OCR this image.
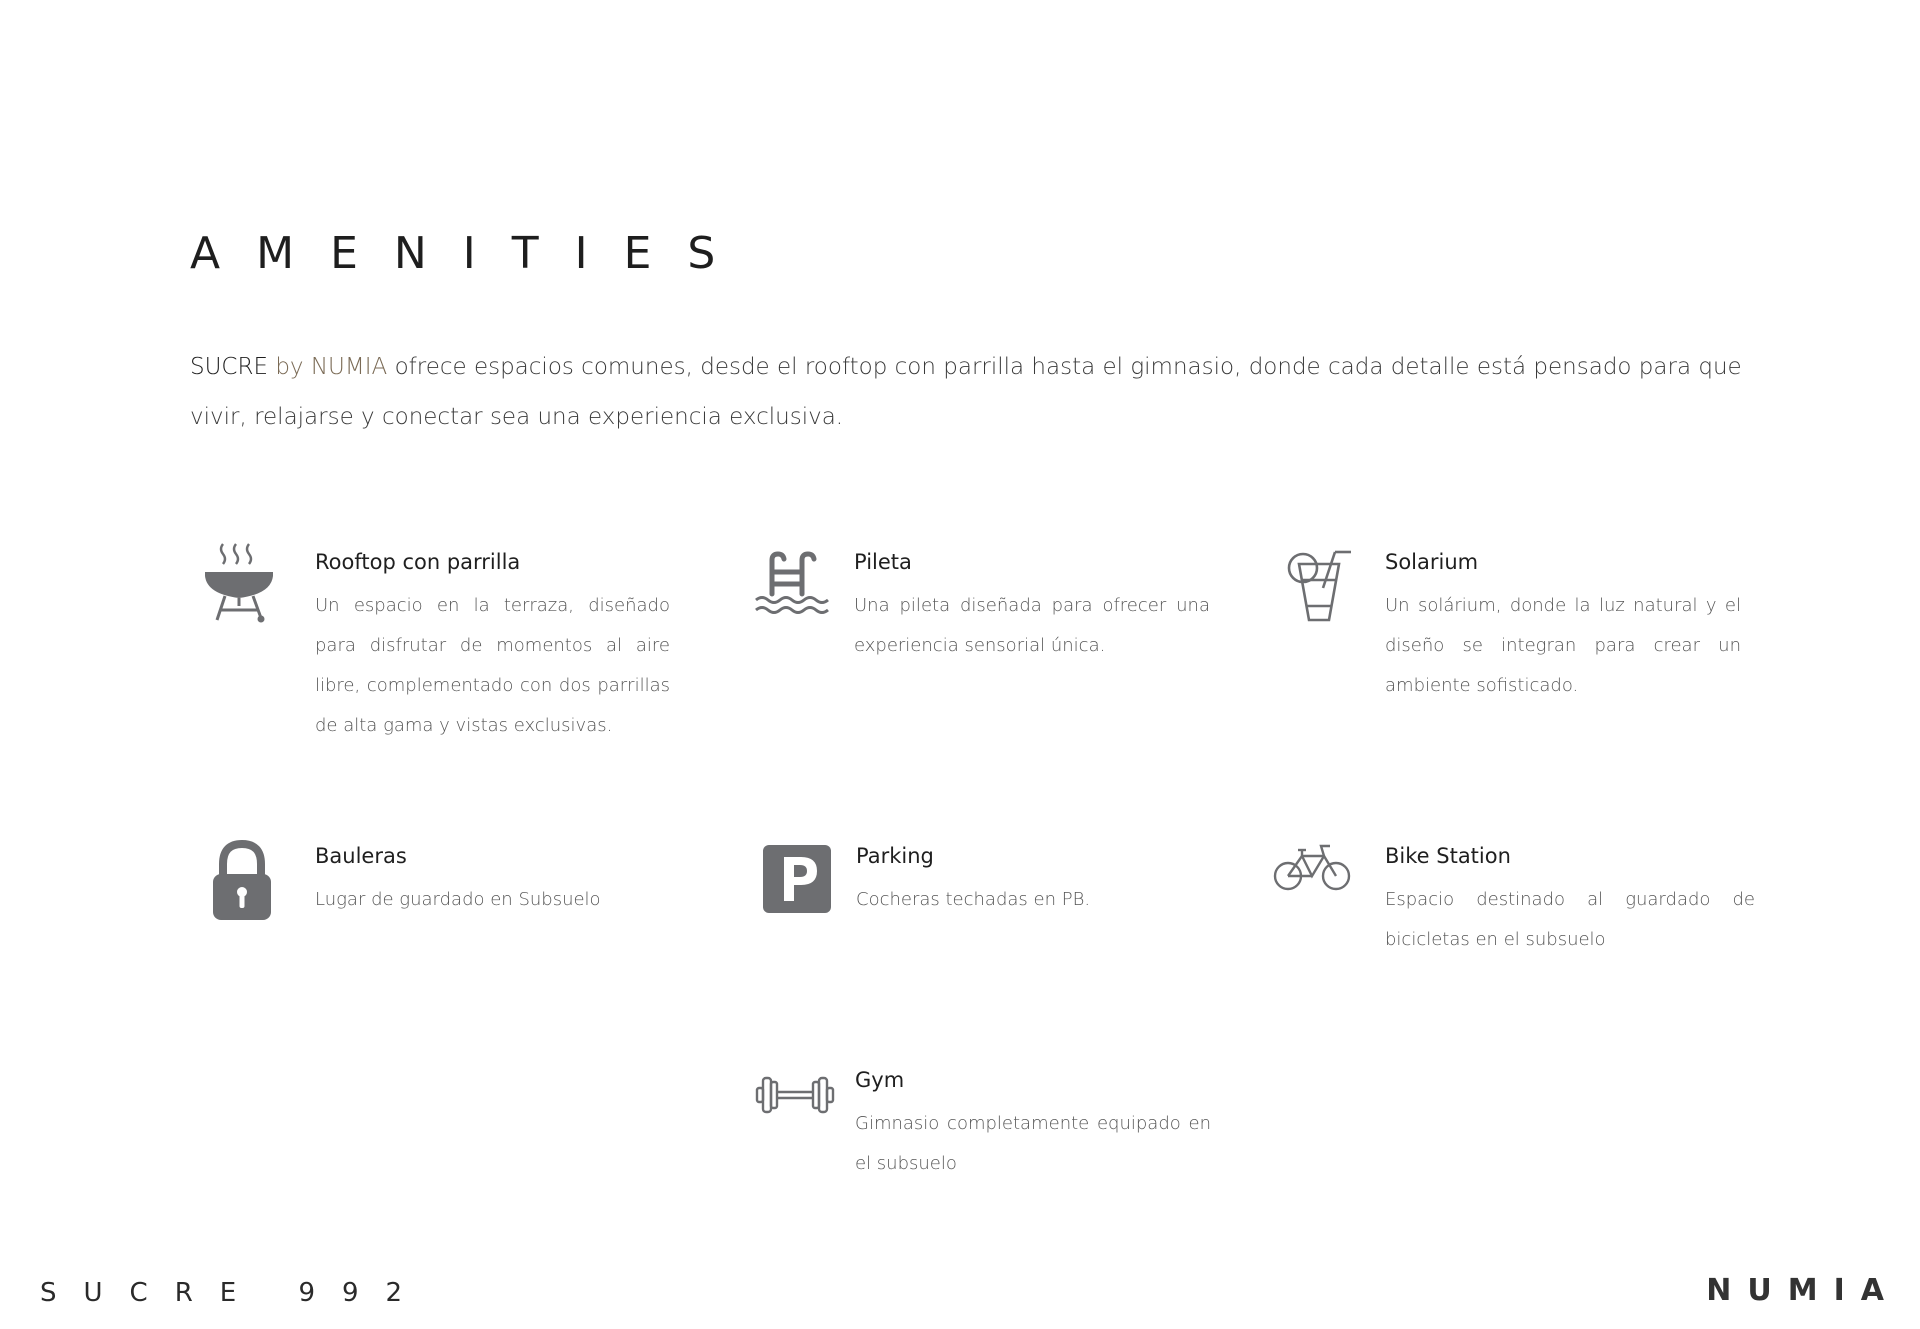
AMENITIES

SUCRE by NUMIA ofrece espacios comunes, desde el rooftop con parrilla hasta el gimnasio, donde cada detalle está pensado para que vivir, relajarse y conectar sea una experiencia exclusiva.

Rooftop con parrilla

Un espacio en la terraza, diseñado para disfrutar de momentos al aire libre, complementado con dos parrillas de alta gama y vistas exclusivas.

Pileta

Una pileta diseñada para ofrecer una experiencia sensorial única.

Solarium

Un solárium, donde la luz natural y el diseño se integran para crear un ambiente sofisticado.

Bauleras

Lugar de guardado en Subsuelo

Parking

Cocheras techadas en PB.

Bike Station

Espacio destinado al guardado de bicicletas en el subsuelo

Gym

Gimnasio completamente equipado en el subsuelo

SUCRE 992	NUMIA
